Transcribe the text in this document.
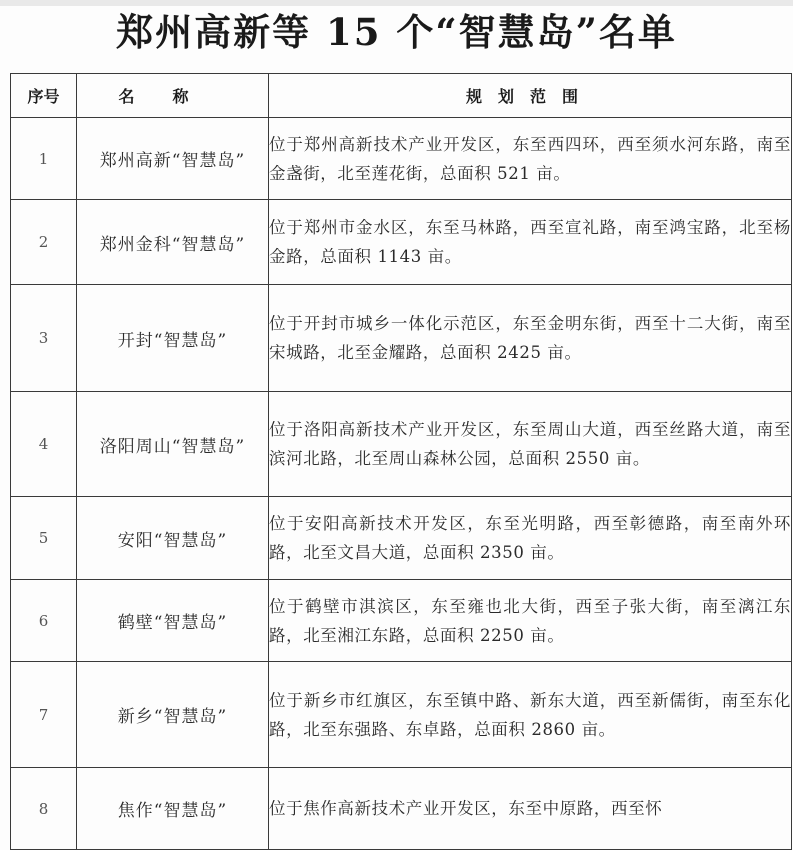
郑州高新等 15 个“智慧岛”名单
序号	名称	规划范围
1	郑州高新“智慧岛”	位于郑州高新技术产业开发区，东至西四环，西至须水河东路，南至金盏街，北至莲花街，总面积 521 亩。
2	郑州金科“智慧岛”	位于郑州市金水区，东至马林路，西至宣礼路，南至鸿宝路，北至杨金路，总面积 1143 亩。
3	开封“智慧岛”	位于开封市城乡一体化示范区，东至金明东街，西至十二大街，南至宋城路，北至金耀路，总面积 2425 亩。
4	洛阳周山“智慧岛”	位于洛阳高新技术产业开发区，东至周山大道，西至丝路大道，南至滨河北路，北至周山森林公园，总面积 2550 亩。
5	安阳“智慧岛”	位于安阳高新技术开发区，东至光明路，西至彰德路，南至南外环路，北至文昌大道，总面积 2350 亩。
6	鹤壁“智慧岛”	位于鹤壁市淇滨区，东至雍也北大街，西至子张大街，南至漓江东路，北至湘江东路，总面积 2250 亩。
7	新乡“智慧岛”	位于新乡市红旗区，东至镇中路、新东大道，西至新儒街，南至东化路，北至东强路、东卓路，总面积 2860 亩。
8	焦作“智慧岛”	位于焦作高新技术产业开发区，东至中原路，西至怀
